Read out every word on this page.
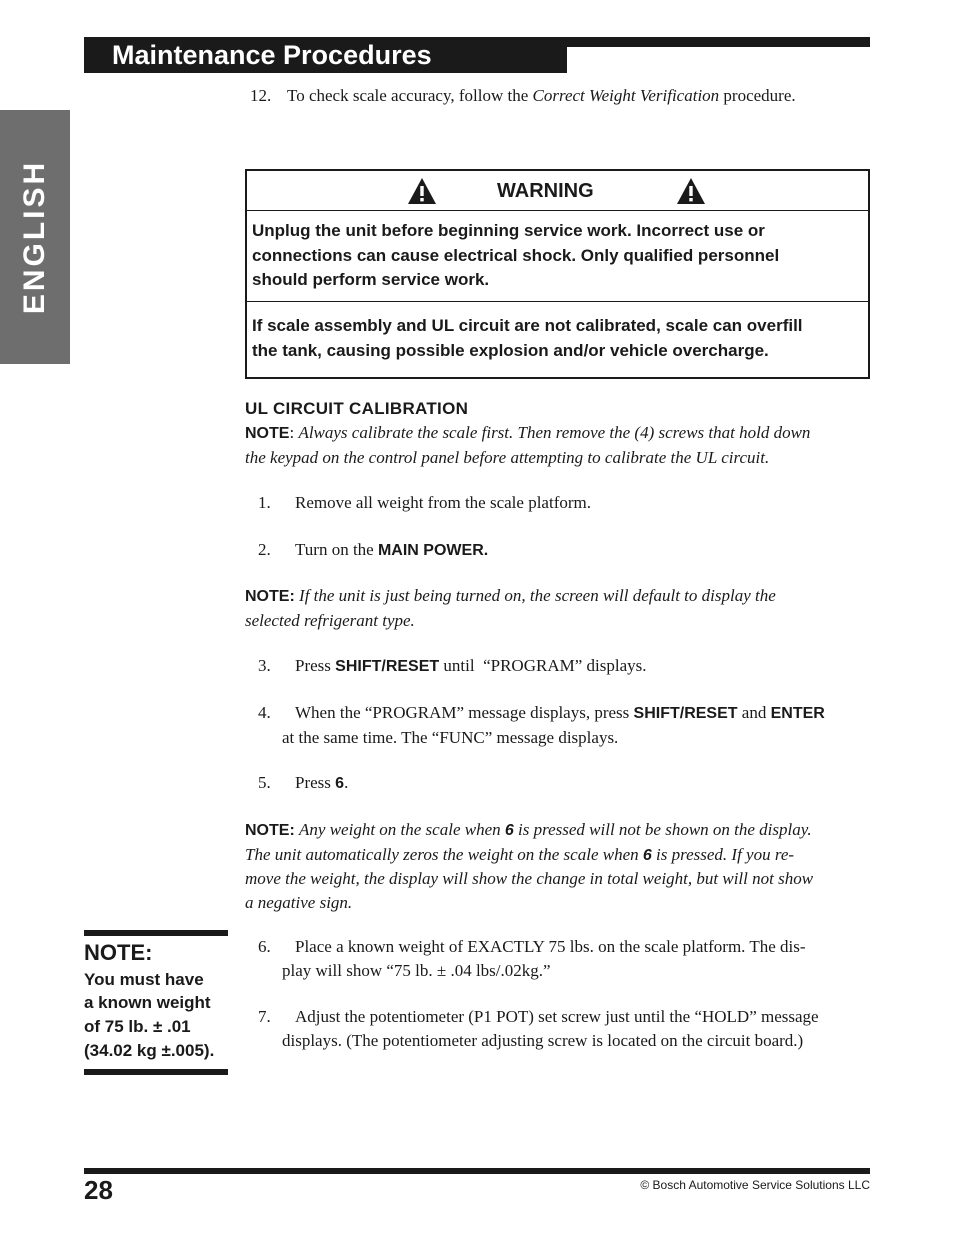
Maintenance Procedures
ENGLISH
12. To check scale accuracy, follow the Correct Weight Verification procedure.
WARNING
Unplug the unit before beginning service work. Incorrect use or
connections can cause electrical shock. Only qualified personnel
should perform service work.
If scale assembly and UL circuit are not calibrated, scale can overfill
the tank, causing possible explosion and/or vehicle overcharge.
UL CIRCUIT CALIBRATION
NOTE: Always calibrate the scale first. Then remove the (4) screws that hold down
the keypad on the control panel before attempting to calibrate the UL circuit.
1. Remove all weight from the scale platform.
2. Turn on the MAIN POWER.
NOTE: If the unit is just being turned on, the screen will default to display the
selected refrigerant type.
3. Press SHIFT/RESET until  “PROGRAM” displays.
4. When the “PROGRAM” message displays, press SHIFT/RESET and ENTER
at the same time. The “FUNC” message displays.
5. Press 6.
NOTE: Any weight on the scale when 6 is pressed will not be shown on the display.
The unit automatically zeros the weight on the scale when 6 is pressed. If you re-
move the weight, the display will show the change in total weight, but will not show
a negative sign.
6. Place a known weight of EXACTLY 75 lbs. on the scale platform. The dis-
play will show “75 lb. ± .04 lbs/.02kg.”
7. Adjust the potentiometer (P1 POT) set screw just until the “HOLD” message
displays. (The potentiometer adjusting screw is located on the circuit board.)
NOTE:
You must have
a known weight
of 75 lb. ± .01
(34.02 kg ±.005).
28	© Bosch Automotive Service Solutions LLC
